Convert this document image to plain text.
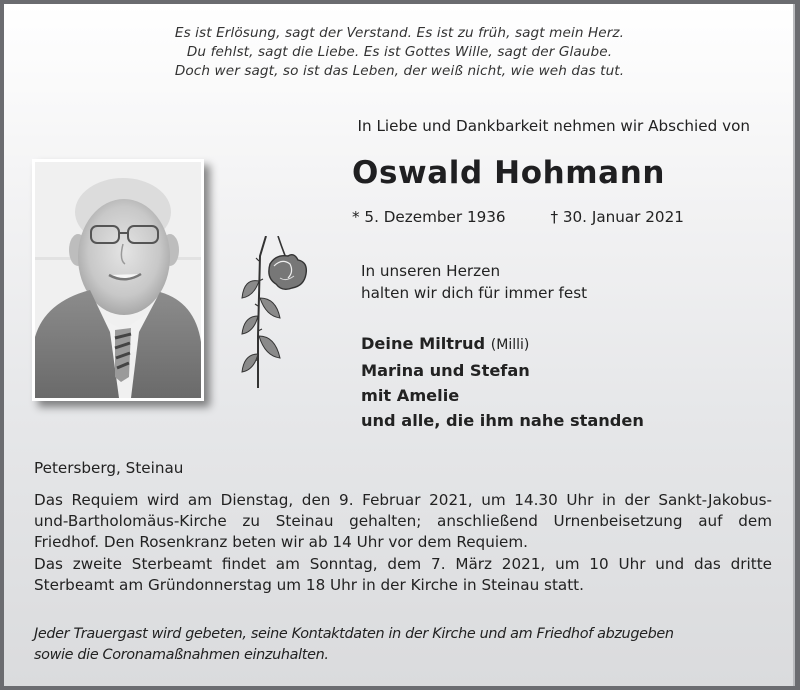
Es ist Erlösung, sagt der Verstand. Es ist zu früh, sagt mein Herz.
Du fehlst, sagt die Liebe. Es ist Gottes Wille, sagt der Glaube.
Doch wer sagt, so ist das Leben, der weiß nicht, wie weh das tut.
In Liebe und Dankbarkeit nehmen wir Abschied von
Oswald Hohmann
* 5. Dezember 1936	† 30. Januar 2021
In unseren Herzen
halten wir dich für immer fest
Deine Miltrud (Milli)
Marina und Stefan
mit Amelie
und alle, die ihm nahe standen
Petersberg, Steinau
Das Requiem wird am Dienstag, den 9. Februar 2021, um 14.30 Uhr in der Sankt-Jakobus-
und-Bartholomäus-Kirche zu Steinau gehalten; anschließend Urnenbeisetzung auf dem
Friedhof. Den Rosenkranz beten wir ab 14 Uhr vor dem Requiem.
Das zweite Sterbeamt findet am Sonntag, dem 7. März 2021, um 10 Uhr und das dritte
Sterbeamt am Gründonnerstag um 18 Uhr in der Kirche in Steinau statt.
Jeder Trauergast wird gebeten, seine Kontaktdaten in der Kirche und am Friedhof abzugeben
sowie die Coronamaßnahmen einzuhalten.
